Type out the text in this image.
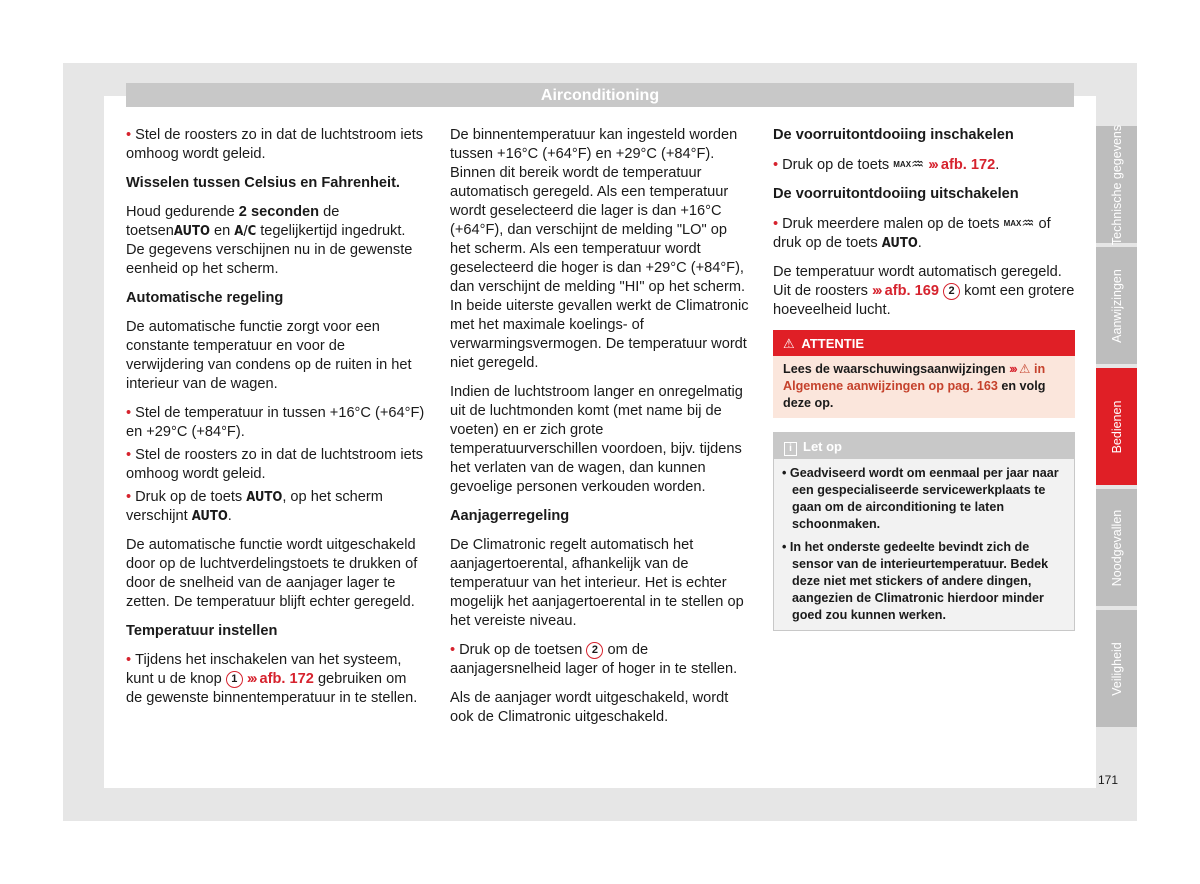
Airconditioning

• Stel de roosters zo in dat de luchtstroom iets omhoog wordt geleid.

Wisselen tussen Celsius en Fahrenheit.

Houd gedurende 2 seconden de toetsenAUTO en A/C tegelijkertijd ingedrukt. De gegevens verschijnen nu in de gewenste eenheid op het scherm.

Automatische regeling

De automatische functie zorgt voor een constante temperatuur en voor de verwijdering van condens op de ruiten in het interieur van de wagen.

• Stel de temperatuur in tussen +16°C (+64°F) en +29°C (+84°F).

• Stel de roosters zo in dat de luchtstroom iets omhoog wordt geleid.

• Druk op de toets AUTO, op het scherm verschijnt AUTO.

De automatische functie wordt uitgeschakeld door op de luchtverdelingstoets te drukken of door de snelheid van de aanjager lager te zetten. De temperatuur blijft echter geregeld.

Temperatuur instellen

• Tijdens het inschakelen van het systeem, kunt u de knop 1 ››› afb. 172 gebruiken om de gewenste binnentemperatuur in te stellen.

De binnentemperatuur kan ingesteld worden tussen +16°C (+64°F) en +29°C (+84°F). Binnen dit bereik wordt de temperatuur automatisch geregeld. Als een temperatuur wordt geselecteerd die lager is dan +16°C (+64°F), dan verschijnt de melding "LO" op het scherm. Als een temperatuur wordt geselecteerd die hoger is dan +29°C (+84°F), dan verschijnt de melding "HI" op het scherm. In beide uiterste gevallen werkt de Climatronic met het maximale koelings- of verwarmingsvermogen. De temperatuur wordt niet geregeld.

Indien de luchtstroom langer en onregelmatig uit de luchtmonden komt (met name bij de voeten) en er zich grote temperatuurverschillen voordoen, bijv. tijdens het verlaten van de wagen, dan kunnen gevoelige personen verkouden worden.

Aanjagerregeling

De Climatronic regelt automatisch het aanjagertoerental, afhankelijk van de temperatuur van het interieur. Het is echter mogelijk het aanjagertoerental in te stellen op het vereiste niveau.

• Druk op de toetsen 2 om de aanjagersnelheid lager of hoger in te stellen.

Als de aanjager wordt uitgeschakeld, wordt ook de Climatronic uitgeschakeld.

De voorruitontdooiing inschakelen

• Druk op de toets MAX♒ ››› afb. 172.

De voorruitontdooiing uitschakelen

• Druk meerdere malen op de toets MAX♒ of druk op de toets AUTO.

De temperatuur wordt automatisch geregeld. Uit de roosters ››› afb. 169 2 komt een grotere hoeveelheid lucht.

⚠ ATTENTIE
Lees de waarschuwingsaanwijzingen ››› ⚠ in Algemene aanwijzingen op pag. 163 en volg deze op.
i Let op
• Geadviseerd wordt om eenmaal per jaar naar een gespecialiseerde servicewerkplaats te gaan om de airconditioning te laten schoonmaken.
• In het onderste gedeelte bevindt zich de sensor van de interieurtemperatuur. Bedek deze niet met stickers of andere dingen, aangezien de Climatronic hierdoor minder goed zou kunnen werken.
Technische gegevens
Aanwijzingen
Bedienen
Noodgevallen
Veiligheid
171
